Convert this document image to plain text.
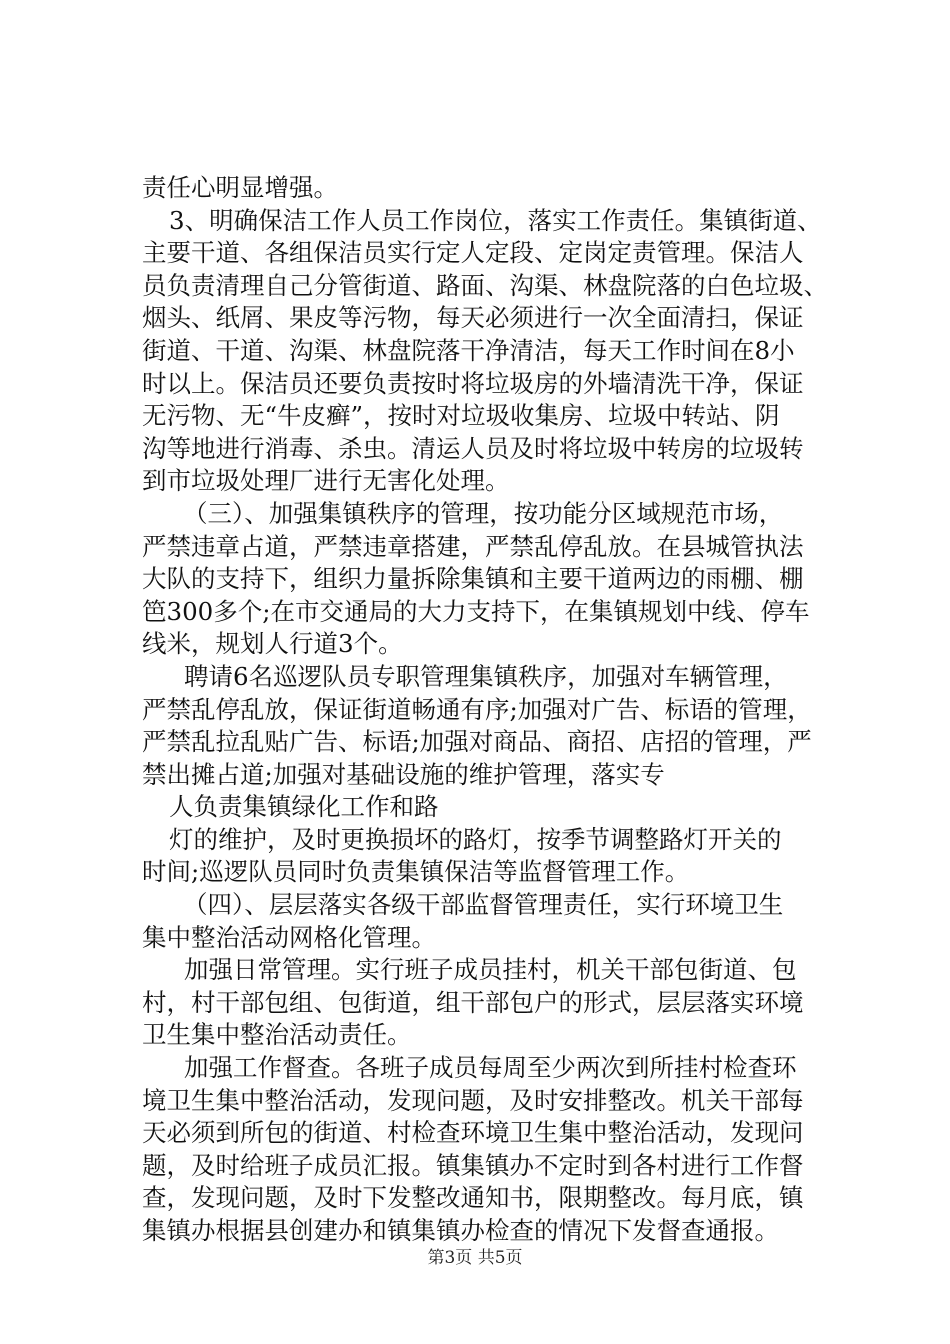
责任心明显增强。
3、明确保洁工作人员工作岗位，落实工作责任。集镇街道、
主要干道、各组保洁员实行定人定段、定岗定责管理。保洁人
员负责清理自己分管街道、路面、沟渠、林盘院落的白色垃圾、
烟头、纸屑、果皮等污物，每天必须进行一次全面清扫，保证
街道、干道、沟渠、林盘院落干净清洁，每天工作时间在8小
时以上。保洁员还要负责按时将垃圾房的外墙清洗干净，保证
无污物、无“牛皮癣”，按时对垃圾收集房、垃圾中转站、阴
沟等地进行消毒、杀虫。清运人员及时将垃圾中转房的垃圾转
到市垃圾处理厂进行无害化处理。
（三）、加强集镇秩序的管理，按功能分区域规范市场，
严禁违章占道，严禁违章搭建，严禁乱停乱放。在县城管执法
大队的支持下，组织力量拆除集镇和主要干道两边的雨棚、棚
笆300多个;在市交通局的大力支持下，在集镇规划中线、停车
线米，规划人行道3个。
聘请6名巡逻队员专职管理集镇秩序，加强对车辆管理，
严禁乱停乱放，保证街道畅通有序;加强对广告、标语的管理，
严禁乱拉乱贴广告、标语;加强对商品、商招、店招的管理，严
禁出摊占道;加强对基础设施的维护管理，落实专
人负责集镇绿化工作和路
灯的维护，及时更换损坏的路灯，按季节调整路灯开关的
时间;巡逻队员同时负责集镇保洁等监督管理工作。
（四）、层层落实各级干部监督管理责任，实行环境卫生
集中整治活动网格化管理。
加强日常管理。实行班子成员挂村，机关干部包街道、包
村，村干部包组、包街道，组干部包户的形式，层层落实环境
卫生集中整治活动责任。
加强工作督查。各班子成员每周至少两次到所挂村检查环
境卫生集中整治活动，发现问题，及时安排整改。机关干部每
天必须到所包的街道、村检查环境卫生集中整治活动，发现问
题，及时给班子成员汇报。镇集镇办不定时到各村进行工作督
查，发现问题，及时下发整改通知书，限期整改。每月底，镇
集镇办根据县创建办和镇集镇办检查的情况下发督查通报。
第3页 共5页
